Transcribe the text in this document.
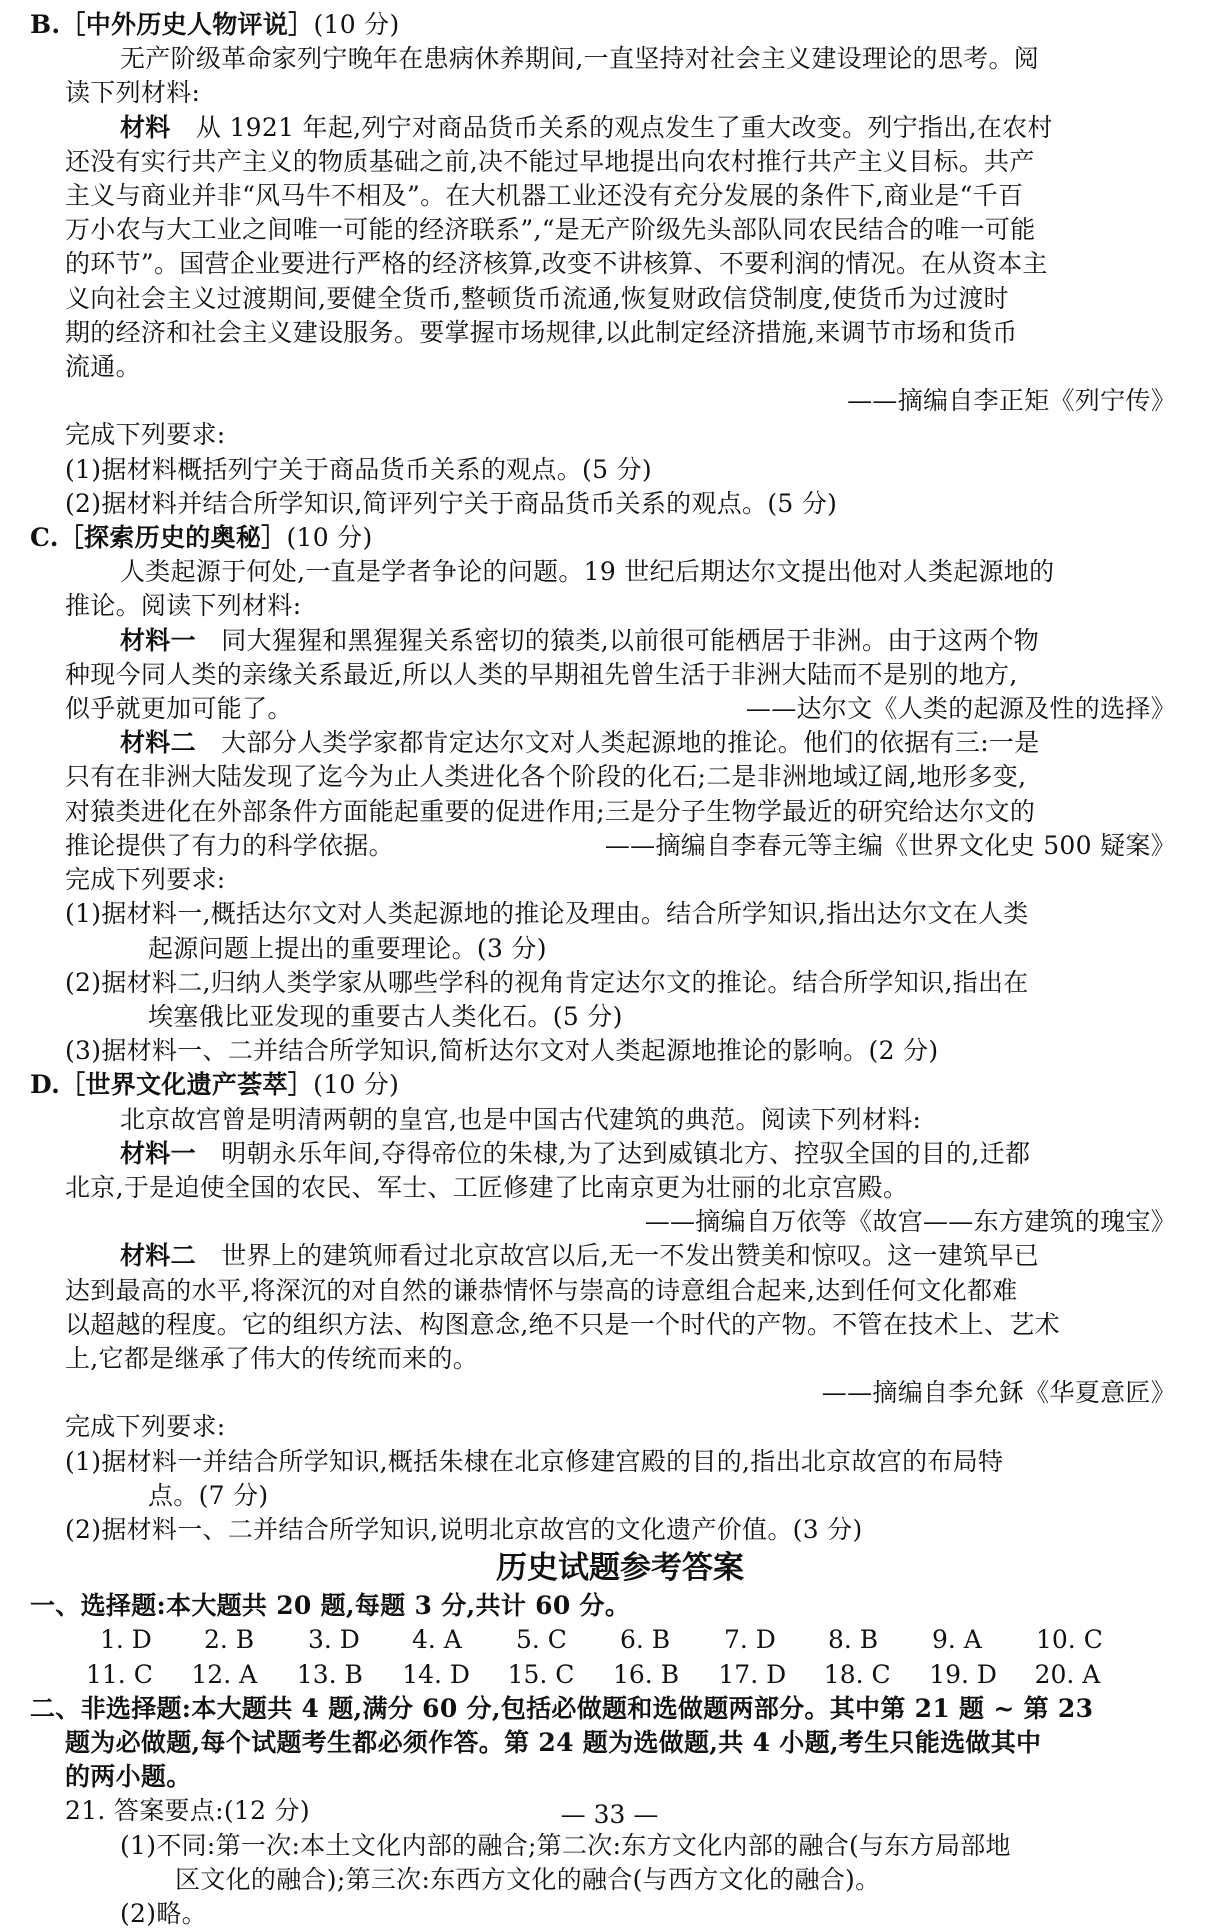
B.［中外历史人物评说］(10 分)
无产阶级革命家列宁晚年在患病休养期间,一直坚持对社会主义建设理论的思考。阅
读下列材料:
材料　从 1921 年起,列宁对商品货币关系的观点发生了重大改变。列宁指出,在农村
还没有实行共产主义的物质基础之前,决不能过早地提出向农村推行共产主义目标。共产
主义与商业并非“风马牛不相及”。在大机器工业还没有充分发展的条件下,商业是“千百
万小农与大工业之间唯一可能的经济联系”,“是无产阶级先头部队同农民结合的唯一可能
的环节”。国营企业要进行严格的经济核算,改变不讲核算、不要利润的情况。在从资本主
义向社会主义过渡期间,要健全货币,整顿货币流通,恢复财政信贷制度,使货币为过渡时
期的经济和社会主义建设服务。要掌握市场规律,以此制定经济措施,来调节市场和货币
流通。
——摘编自李正矩《列宁传》
完成下列要求:
(1)据材料概括列宁关于商品货币关系的观点。(5 分)
(2)据材料并结合所学知识,简评列宁关于商品货币关系的观点。(5 分)
C.［探索历史的奥秘］(10 分)
人类起源于何处,一直是学者争论的问题。19 世纪后期达尔文提出他对人类起源地的
推论。阅读下列材料:
材料一　同大猩猩和黑猩猩关系密切的猿类,以前很可能栖居于非洲。由于这两个物
种现今同人类的亲缘关系最近,所以人类的早期祖先曾生活于非洲大陆而不是别的地方,
似乎就更加可能了。	——达尔文《人类的起源及性的选择》
材料二　大部分人类学家都肯定达尔文对人类起源地的推论。他们的依据有三:一是
只有在非洲大陆发现了迄今为止人类进化各个阶段的化石;二是非洲地域辽阔,地形多变,
对猿类进化在外部条件方面能起重要的促进作用;三是分子生物学最近的研究给达尔文的
推论提供了有力的科学依据。	——摘编自李春元等主编《世界文化史 500 疑案》
完成下列要求:
(1)据材料一,概括达尔文对人类起源地的推论及理由。结合所学知识,指出达尔文在人类
起源问题上提出的重要理论。(3 分)
(2)据材料二,归纳人类学家从哪些学科的视角肯定达尔文的推论。结合所学知识,指出在
埃塞俄比亚发现的重要古人类化石。(5 分)
(3)据材料一、二并结合所学知识,简析达尔文对人类起源地推论的影响。(2 分)
D.［世界文化遗产荟萃］(10 分)
北京故宫曾是明清两朝的皇宫,也是中国古代建筑的典范。阅读下列材料:
材料一　明朝永乐年间,夺得帝位的朱棣,为了达到威镇北方、控驭全国的目的,迁都
北京,于是迫使全国的农民、军士、工匠修建了比南京更为壮丽的北京宫殿。
——摘编自万依等《故宫——东方建筑的瑰宝》
材料二　世界上的建筑师看过北京故宫以后,无一不发出赞美和惊叹。这一建筑早已
达到最高的水平,将深沉的对自然的谦恭情怀与崇高的诗意组合起来,达到任何文化都难
以超越的程度。它的组织方法、构图意念,绝不只是一个时代的产物。不管在技术上、艺术
上,它都是继承了伟大的传统而来的。
——摘编自李允鉌《华夏意匠》
完成下列要求:
(1)据材料一并结合所学知识,概括朱棣在北京修建宫殿的目的,指出北京故宫的布局特
点。(7 分)
(2)据材料一、二并结合所学知识,说明北京故宫的文化遗产价值。(3 分)
历史试题参考答案
一、选择题:本大题共 20 题,每题 3 分,共计 60 分。
1. D	2. B	3. D	4. A	5. C	6. B	7. D	8. B	9. A	10. C
11. C	12. A	13. B	14. D	15. C	16. B	17. D	18. C	19. D	20. A
二、非选择题:本大题共 4 题,满分 60 分,包括必做题和选做题两部分。其中第 21 题 ~ 第 23
题为必做题,每个试题考生都必须作答。第 24 题为选做题,共 4 小题,考生只能选做其中
的两小题。
21. 答案要点:(12 分)
(1)不同:第一次:本土文化内部的融合;第二次:东方文化内部的融合(与东方局部地
区文化的融合);第三次:东西方文化的融合(与西方文化的融合)。
(2)略。
— 33 —
